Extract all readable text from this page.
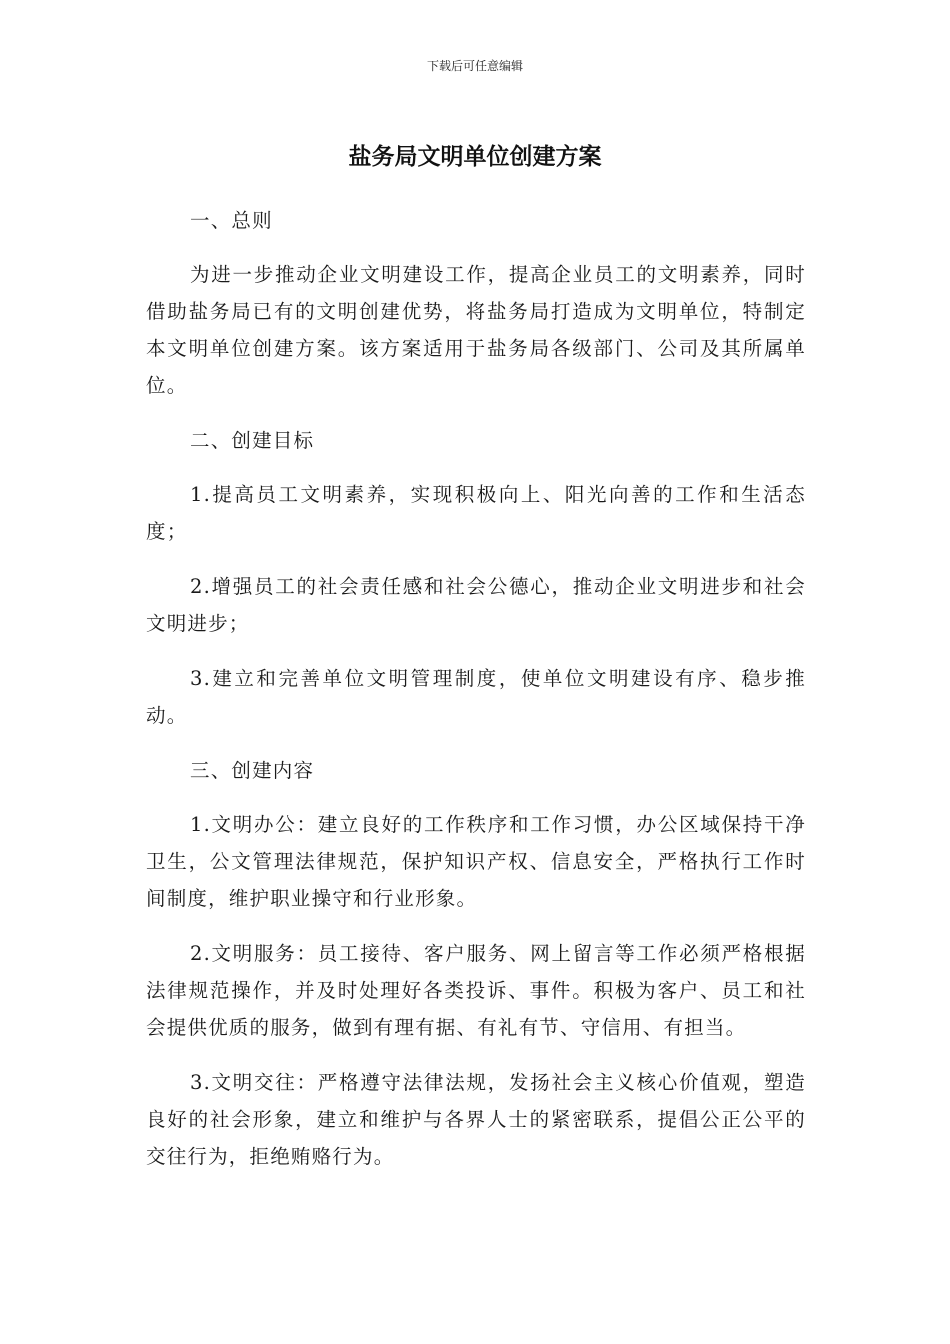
下载后可任意编辑
盐务局文明单位创建方案

一、总则

为进一步推动企业文明建设工作，提高企业员工的文明素养，同时借助盐务局已有的文明创建优势，将盐务局打造成为文明单位，特制定本文明单位创建方案。该方案适用于盐务局各级部门、公司及其所属单位。

二、创建目标

1.提高员工文明素养，实现积极向上、阳光向善的工作和生活态度；

2.增强员工的社会责任感和社会公德心，推动企业文明进步和社会文明进步；

3.建立和完善单位文明管理制度，使单位文明建设有序、稳步推动。

三、创建内容

1.文明办公：建立良好的工作秩序和工作习惯，办公区域保持干净卫生，公文管理法律规范，保护知识产权、信息安全，严格执行工作时间制度，维护职业操守和行业形象。

2.文明服务：员工接待、客户服务、网上留言等工作必须严格根据法律规范操作，并及时处理好各类投诉、事件。积极为客户、员工和社会提供优质的服务，做到有理有据、有礼有节、守信用、有担当。

3.文明交往：严格遵守法律法规，发扬社会主义核心价值观，塑造良好的社会形象，建立和维护与各界人士的紧密联系，提倡公正公平的交往行为，拒绝贿赂行为。
